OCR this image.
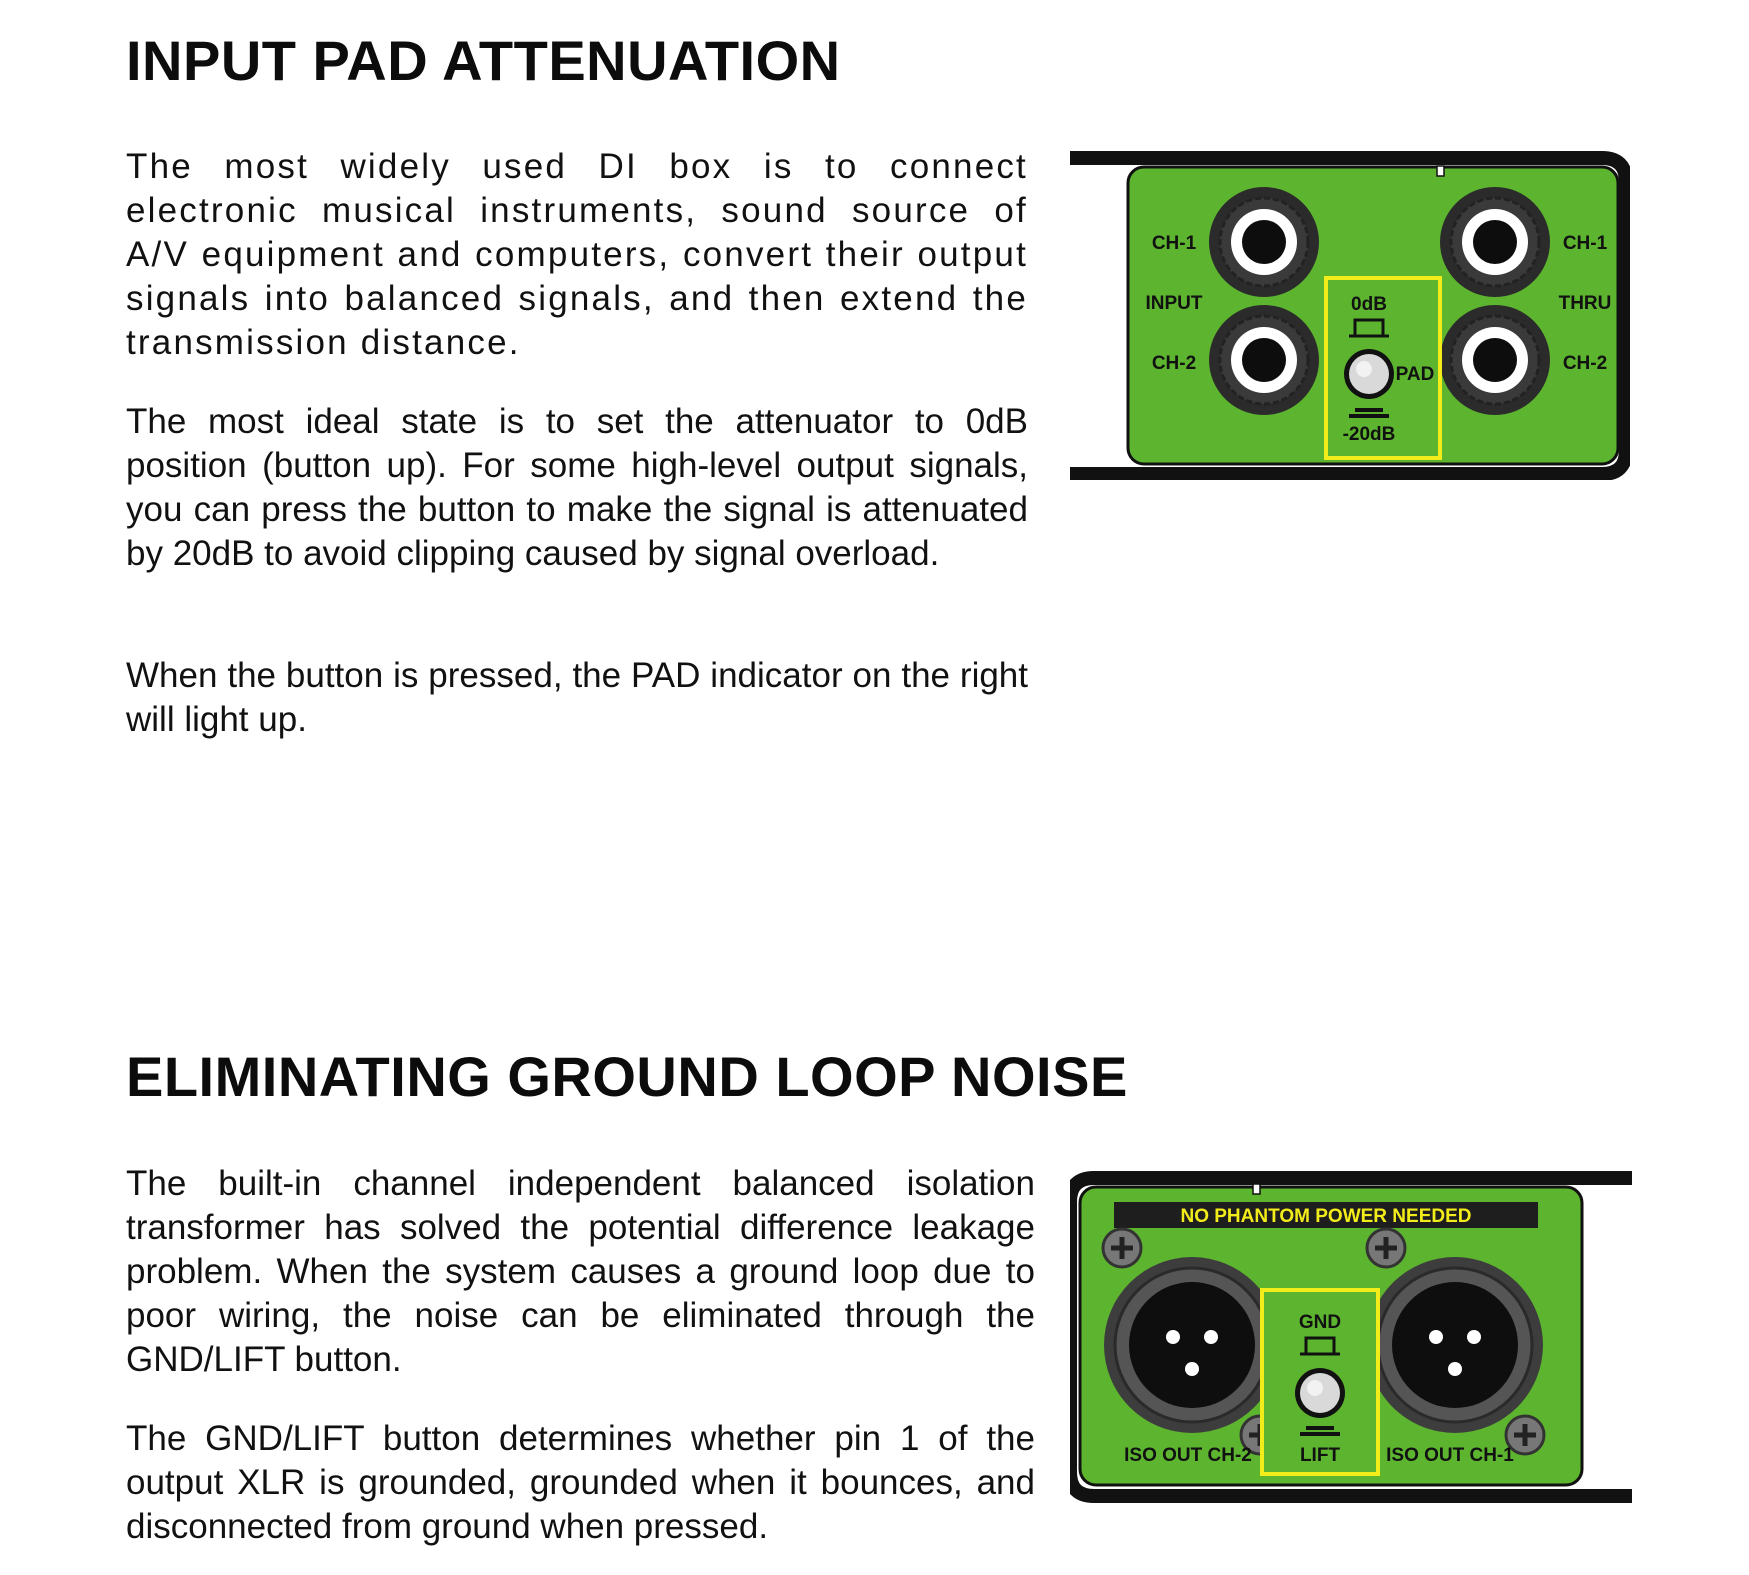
INPUT PAD ATTENUATION

The most widely used DI box is to connect electronic musical instruments, sound source of A/V equipment and computers, convert their output signals into balanced signals, and then extend the transmission distance.

The most ideal state is to set the attenuator to 0dB position (button up). For some high-level output signals, you can press the button to make the signal is attenuated by 20dB to avoid clipping caused by signal overload.

When the button is pressed, the PAD indicator on the right will light up.

CH-1
INPUT
CH-2
CH-1
THRU
CH-2
0dB
PAD
-20dB
ELIMINATING GROUND LOOP NOISE

The built-in channel independent balanced isolation transformer has solved the potential difference leakage problem. When the system causes a ground loop due to poor wiring, the noise can be eliminated through the GND/LIFT button.

The GND/LIFT button determines whether pin 1 of the output XLR is grounded, grounded when it bounces, and disconnected from ground when pressed.

NO PHANTOM POWER NEEDED
GND
LIFT
ISO OUT CH-2	ISO OUT CH-1
